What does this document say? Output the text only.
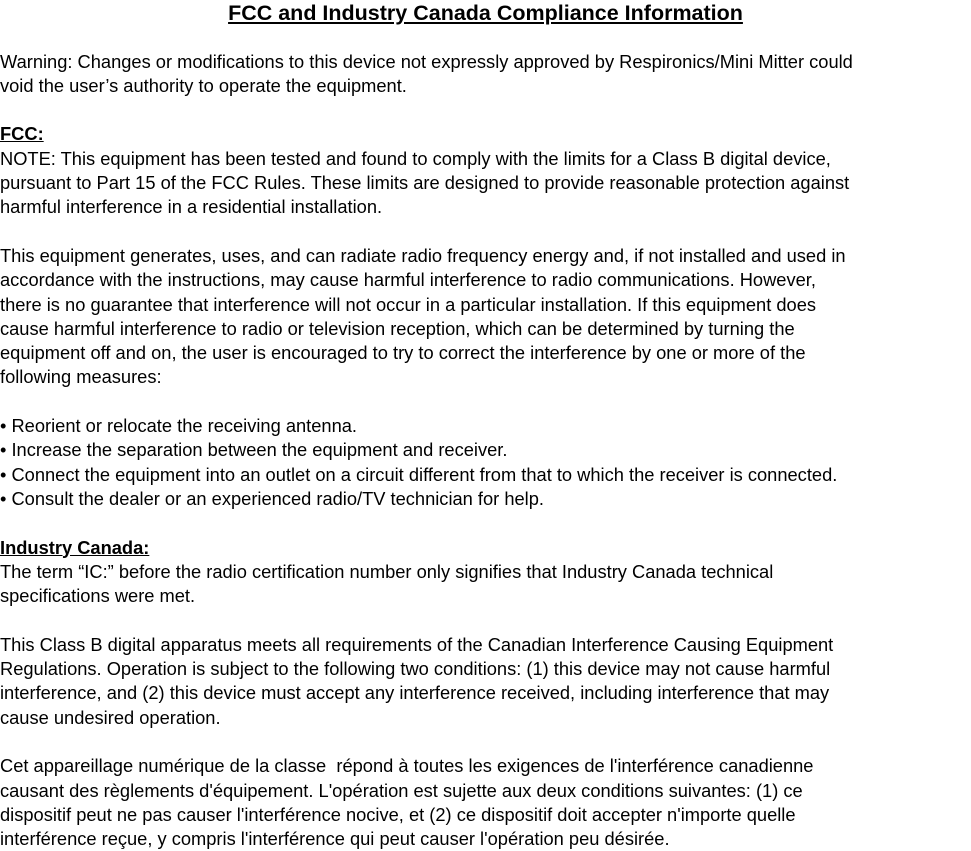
FCC and Industry Canada Compliance Information
Warning: Changes or modifications to this device not expressly approved by Respironics/Mini Mitter could
void the user’s authority to operate the equipment.
FCC:
NOTE: This equipment has been tested and found to comply with the limits for a Class B digital device,
pursuant to Part 15 of the FCC Rules. These limits are designed to provide reasonable protection against
harmful interference in a residential installation.
This equipment generates, uses, and can radiate radio frequency energy and, if not installed and used in
accordance with the instructions, may cause harmful interference to radio communications. However,
there is no guarantee that interference will not occur in a particular installation. If this equipment does
cause harmful interference to radio or television reception, which can be determined by turning the
equipment off and on, the user is encouraged to try to correct the interference by one or more of the
following measures:
• Reorient or relocate the receiving antenna.
• Increase the separation between the equipment and receiver.
• Connect the equipment into an outlet on a circuit different from that to which the receiver is connected.
• Consult the dealer or an experienced radio/TV technician for help.
Industry Canada:
The term “IC:” before the radio certification number only signifies that Industry Canada technical
specifications were met.
This Class B digital apparatus meets all requirements of the Canadian Interference Causing Equipment
Regulations. Operation is subject to the following two conditions: (1) this device may not cause harmful
interference, and (2) this device must accept any interference received, including interference that may
cause undesired operation.
Cet appareillage numérique de la classe  répond à toutes les exigences de l'interférence canadienne
causant des règlements d'équipement. L'opération est sujette aux deux conditions suivantes: (1) ce
dispositif peut ne pas causer l'interférence nocive, et (2) ce dispositif doit accepter n'importe quelle
interférence reçue, y compris l'interférence qui peut causer l'opération peu désirée.
